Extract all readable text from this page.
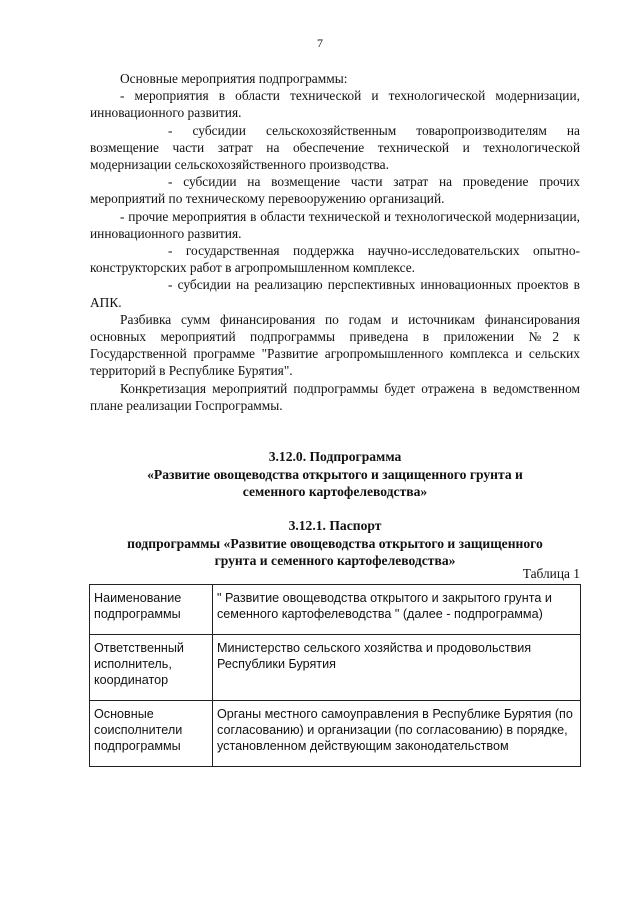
7

Основные мероприятия подпрограммы:

- мероприятия в области технической и технологической модернизации, инновационного развития.

- субсидии сельскохозяйственным товаропроизводителям на возмещение части затрат на обеспечение технической и технологической модернизации сельскохозяйственного производства.

- субсидии на возмещение части затрат на проведение прочих мероприятий по техническому перевооружению организаций.

- прочие мероприятия в области технической и технологической модернизации, инновационного развития.

- государственная поддержка научно-исследовательских опытно-конструкторских работ в агропромышленном комплексе.

- субсидии на реализацию перспективных инновационных проектов в АПК.

Разбивка сумм финансирования по годам и источникам финансирования основных мероприятий подпрограммы приведена в приложении №2 к Государственной программе "Развитие агропромышленного комплекса и сельских территорий в Республике Бурятия".

Конкретизация мероприятий подпрограммы будет отражена в ведомственном плане реализации Госпрограммы.

3.12.0. Подпрограмма
«Развитие овощеводства открытого и защищенного грунта и
семенного картофелеводства»
3.12.1. Паспорт
подпрограммы «Развитие овощеводства открытого и защищенного
грунта и семенного картофелеводства»
Таблица 1
Наименование подпрограммы	" Развитие овощеводства открытого и закрытого грунта и семенного картофелеводства " (далее - подпрограмма)
Ответственный исполнитель, координатор	Министерство сельского хозяйства и продовольствия Республики Бурятия
Основные соисполнители подпрограммы	Органы местного самоуправления в Республике Бурятия (по согласованию) и организации (по согласованию) в порядке, установленном действующим законодательством
